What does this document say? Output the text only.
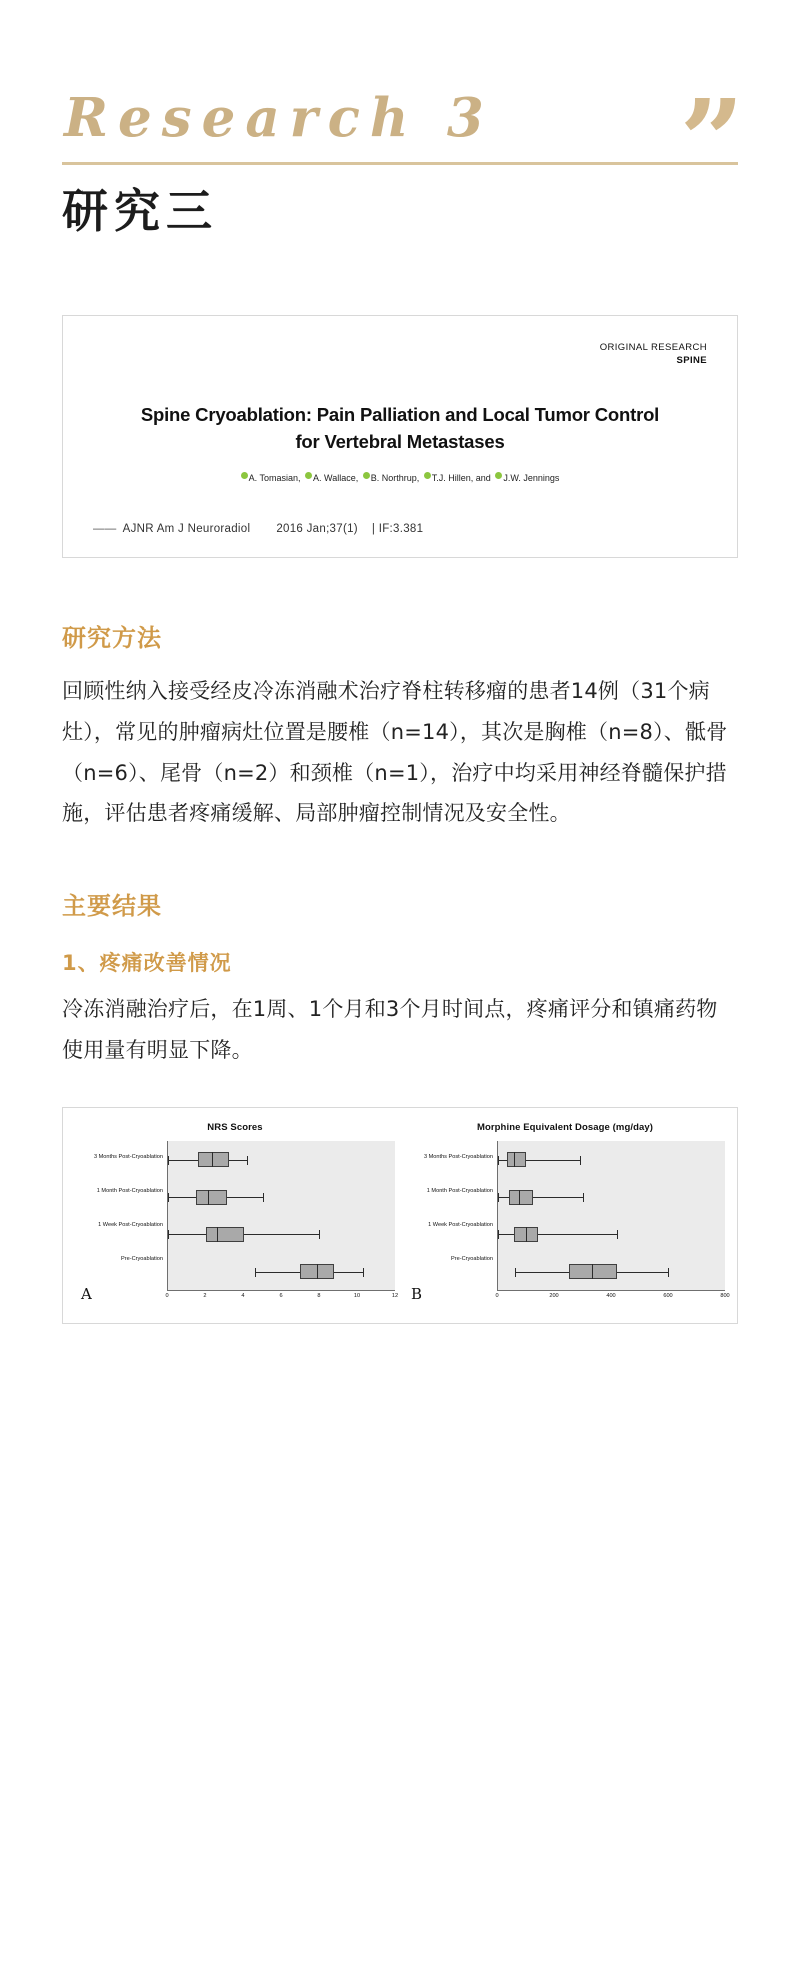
Research 3
研究三
”
ORIGINAL RESEARCH
SPINE
Spine Cryoablation: Pain Palliation and Local Tumor Control
for Vertebral Metastases
A. Tomasian, A. Wallace, B. Northrup, T.J. Hillen, and J.W. Jennings
—— AJNR Am J Neuroradiol 2016 Jan;37(1) | IF:3.381
研究方法
回顾性纳入接受经皮冷冻消融术治疗脊柱转移瘤的患者14例（31个病灶），常见的肿瘤病灶位置是腰椎（n=14），其次是胸椎（n=8）、骶骨（n=6）、尾骨（n=2）和颈椎（n=1），治疗中均采用神经脊髓保护措施，评估患者疼痛缓解、局部肿瘤控制情况及安全性。
主要结果
1、疼痛改善情况
冷冻消融治疗后，在1周、1个月和3个月时间点，疼痛评分和镇痛药物使用量有明显下降。
NRS Scores
3 Months Post-Cryoablation
1 Month Post-Cryoablation
1 Week Post-Cryoablation
Pre-Cryoablation
0	2	4	6	8	10	12
A
Morphine Equivalent Dosage (mg/day)
3 Months Post-Cryoablation
1 Month Post-Cryoablation
1 Week Post-Cryoablation
Pre-Cryoablation
0	200	400	600	800
B
